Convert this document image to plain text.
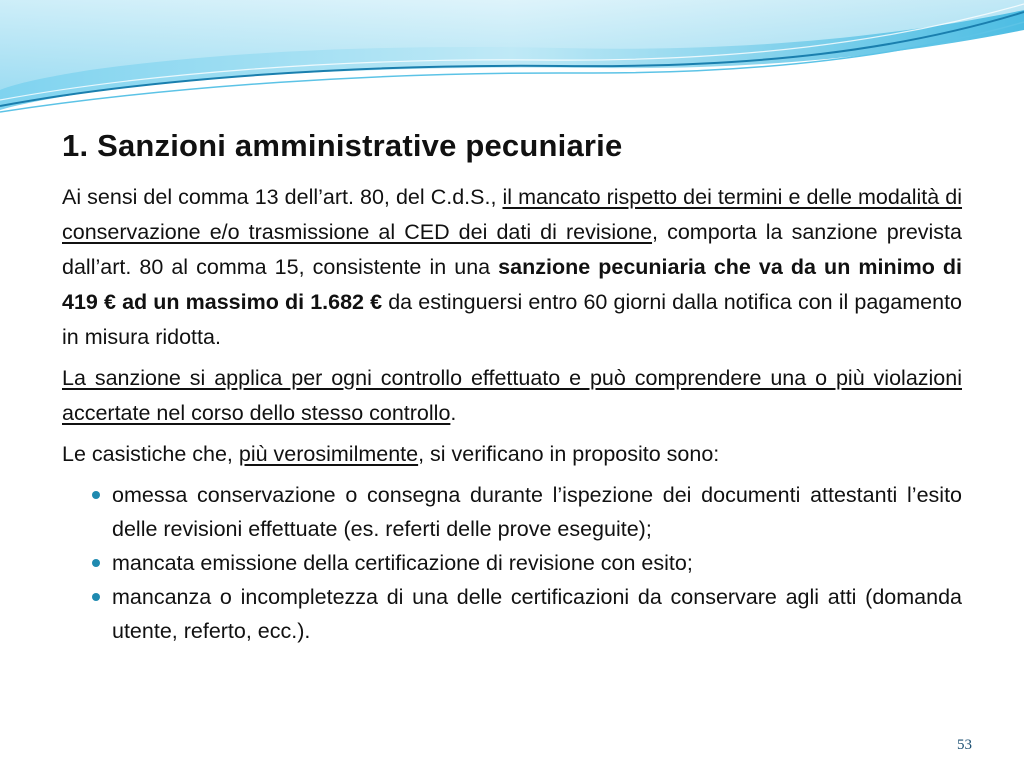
1. Sanzioni amministrative pecuniarie

Ai sensi del comma 13 dell’art. 80, del C.d.S., il mancato rispetto dei termini e delle modalità di conservazione e/o trasmissione al CED dei dati di revisione, comporta la sanzione prevista dall’art. 80 al comma 15, consistente in una sanzione pecuniaria che va da un minimo di 419 € ad un massimo di 1.682 € da estinguersi entro 60 giorni dalla notifica con il pagamento in misura ridotta.

La sanzione si applica per ogni controllo effettuato e può comprendere una o più violazioni accertate nel corso dello stesso controllo.

Le casistiche che, più verosimilmente, si verificano in proposito sono:

omessa conservazione o consegna durante l’ispezione dei documenti attestanti l’esito delle revisioni effettuate (es. referti delle prove eseguite);
mancata emissione della certificazione di revisione con esito;
mancanza o incompletezza di una delle certificazioni da conservare agli atti (domanda utente, referto, ecc.).
53
